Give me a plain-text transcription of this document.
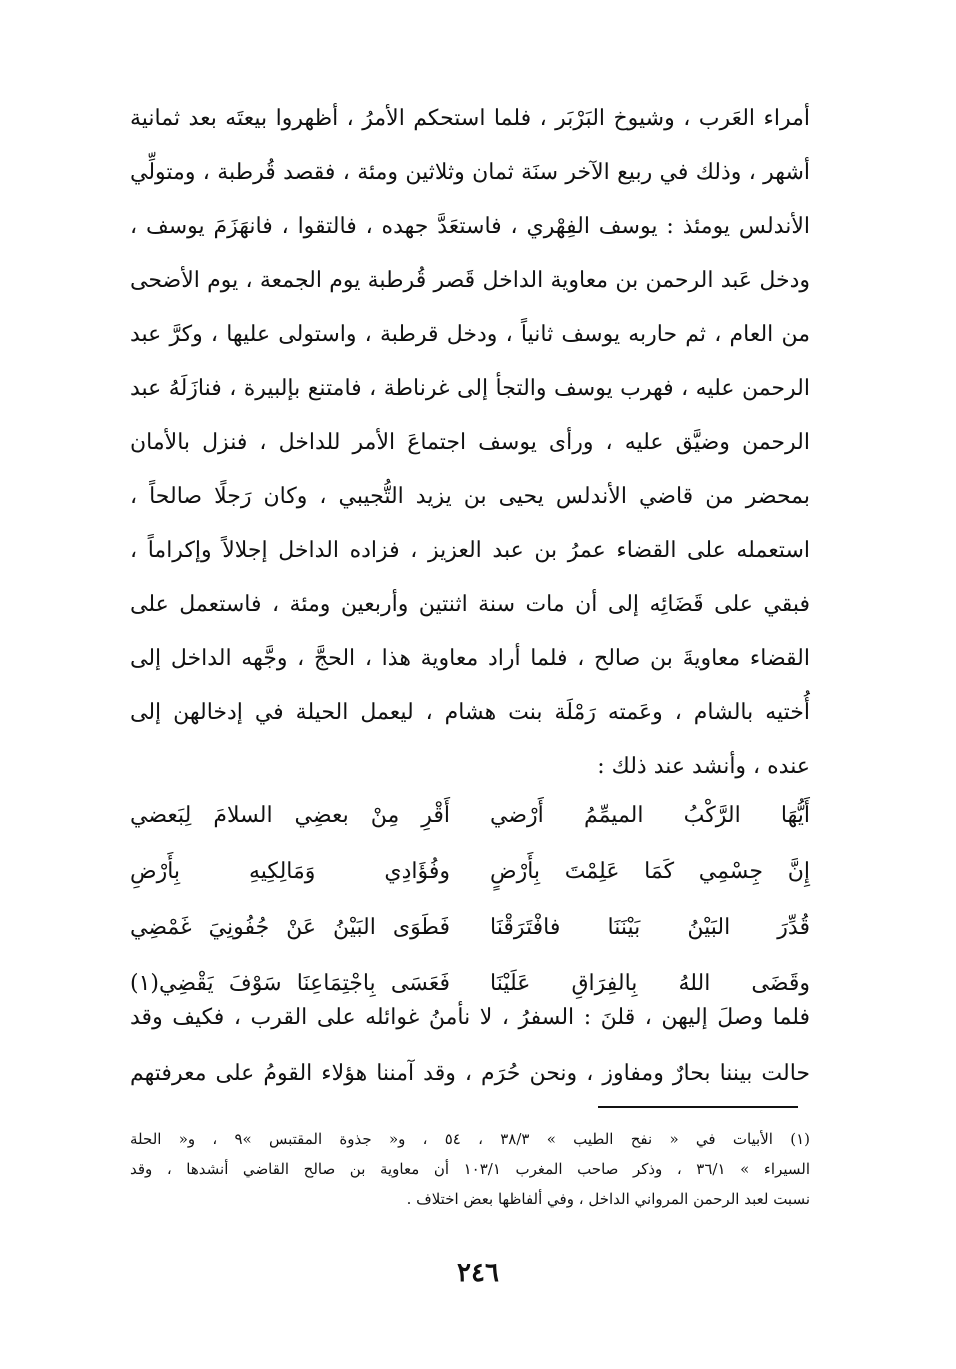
أمراء العَرب ، وشيوخ البَرْبَر ، فلما استحكم الأمرُ ، أظهروا بيعتَه بعد ثمانية
أشهر ، وذلك في ربيع الآخر سنَة ثمان وثلاثين ومئة ، فقصد قُرطبة ، ومتولِّي
الأندلس يومئذ : يوسف الفِهْري ، فاستعَدَّ جهده ، فالتقوا ، فانهَزَمَ يوسف ،
ودخل عَبد الرحمن بن معاوية الداخل قَصر قُرطبة يوم الجمعة ، يوم الأضحى
من العام ، ثم حاربه يوسف ثانياً ، ودخل قرطبة ، واستولى عليها ، وكرَّ عبد
الرحمن عليه ، فهرب يوسف والتجأ إلى غرناطة ، فامتنع بإلبيرة ، فنازَلَهُ عبد
الرحمن وضيَّق عليه ، ورأى يوسف اجتماعَ الأمر للداخل ، فنزل بالأمان
بمحضر من قاضي الأندلس يحيى بن يزيد التُّجيبي ، وكان رَجلًا صالحاً ،
استعمله على القضاء عمرُ بن عبد العزيز ، فزاده الداخل إجلالاً وإكراماً ،
فبقي على قَضَائِه إلى أن مات سنة اثنتين وأربعين ومئة ، فاستعمل على
القضاء معاويةَ بن صالح ، فلما أراد معاوية هذا ، الحجَّ ، وجَّهه الداخل إلى
أُختيه بالشام ، وعَمته رَمْلَة بنت هشام ، ليعمل الحيلة في إدخالهن إلى
عنده ، وأنشد عند ذلك :
أَيُّهَا الرَّكْبُ الميمِّمُ أَرْضي
أَقْرِ مِنْ بعضِي السلامَ لِبَعضي
إِنَّ جِسْمِي كَمَا عَلِمْتَ بِأَرْضٍ
وفُؤَادِي وَمَالِكِيهِ بِأَرْضِ
قُدِّرَ البَيْنُ بَيْنَنَا فافْتَرَقْنَا
فَطَوَى البَيْنُ عَنْ جُفُونِيَ غَمْضِي
وقَضَى اللهُ بِالفِرَاقِ عَلَيْنَا
فَعَسَى بِاجْتِمَاعِنَا سَوْفَ يَقْضِي(١)
فلما وصلَ إليهن ، قلنَ : السفرُ ، لا نأمنُ غوائله على القرب ، فكيف وقد
حالت بيننا بحارٌ ومفاوز ، ونحن حُرَم ، وقد آمننا هؤلاء القومُ على معرفتهم
(١) الأبيات في « نفح الطيب » ٣٨/٣ ، ٥٤ ، و« جذوة المقتبس »٩ ، و« الحلة
السيراء » ٣٦/١ ، وذكر صاحب المغرب ١٠٣/١ أن معاوية بن صالح القاضي أنشدها ، وقد
نسبت لعبد الرحمن المرواني الداخل ، وفي ألفاظها بعض اختلاف .
٢٤٦
